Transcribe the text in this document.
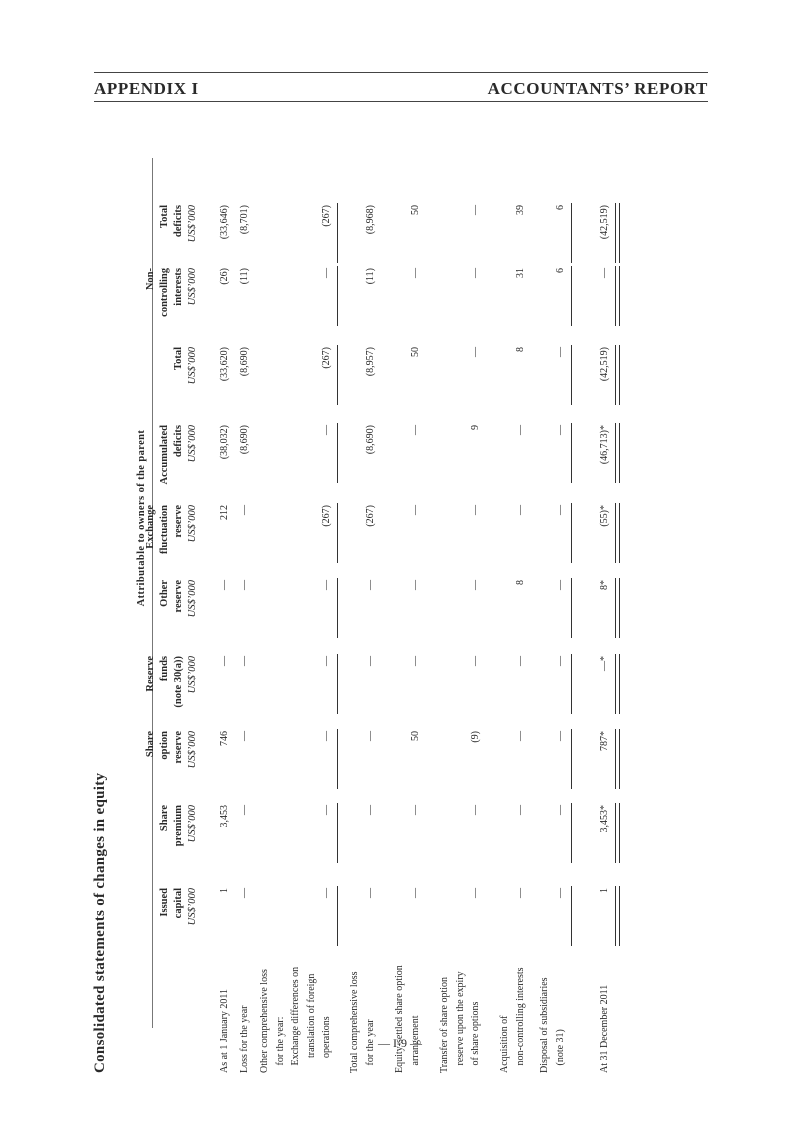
APPENDIX I	ACCOUNTANTS’ REPORT
Consolidated statements of changes in equity
Attributable to owners of the parent
Issued capital US$’000
Share premium US$’000
Share option reserve US$’000
Reserve funds (note 30(a)) US$’000
Other reserve US$’000
Exchange fluctuation reserve US$’000
Accumulated deficits US$’000
Total US$’000
Non- controlling interests US$’000
Total deficits US$’000
As at 1 January 2011
1
3,453
746
—
—
212
(38,032)
(33,620)
(26)
(33,646)
Loss for the year
—
—
—
—
—
—
(8,690)
(8,690)
(11)
(8,701)
Other comprehensive loss for the year: Exchange differences on translation of foreign operations
—
—
—
—
—
(267)
—
(267)
—
(267)
Total comprehensive loss for the year
—
—
—
—
—
(267)
(8,690)
(8,957)
(11)
(8,968)
Equity-settled share option arrangement
—
—
50
—
—
—
—
50
—
50
Transfer of share option reserve upon the expiry of share options
—
—
(9)
—
—
—
9
—
—
—
Acquisition of non-controlling interests
—
—
—
—
8
—
—
8
31
39
Disposal of subsidiaries (note 31)
—
—
—
—
—
—
—
—
6
6
At 31 December 2011
1
3,453*
787*
—*
8*
(55)*
(46,713)*
(42,519)
—
(42,519)
— I-9 —
